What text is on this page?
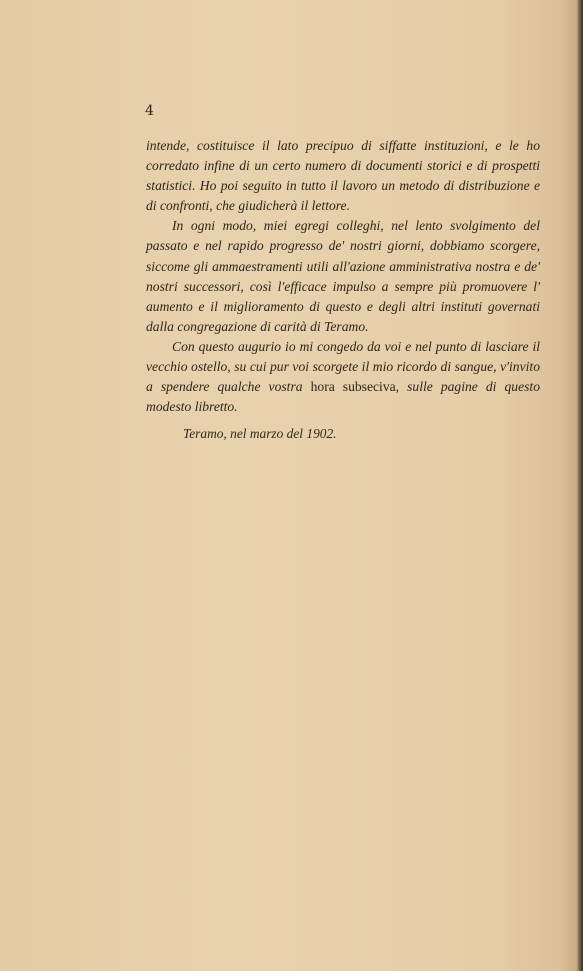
4

intende, costituisce il lato precipuo di siffatte instituzioni, e le ho corredato infine di un certo numero di documenti storici e di prospetti statistici. Ho poi seguito in tutto il lavoro un metodo di distribuzione e di confronti, che giudicherà il lettore.

In ogni modo, miei egregi colleghi, nel lento svolgimento del passato e nel rapido progresso de' nostri giorni, dobbiamo scorgere, siccome gli ammaestramenti utili all'azione amministrativa nostra e de' nostri successori, così l'efficace impulso a sempre più promuovere l' aumento e il miglioramento di questo e degli altri instituti governati dalla congregazione di carità di Teramo.

Con questo augurio io mi congedo da voi e nel punto di lasciare il vecchio ostello, su cui pur voi scorgete il mio ricordo di sangue, v'invito a spendere qualche vostra hora subseciva, sulle pagine di questo modesto libretto.

Teramo, nel marzo del 1902.
